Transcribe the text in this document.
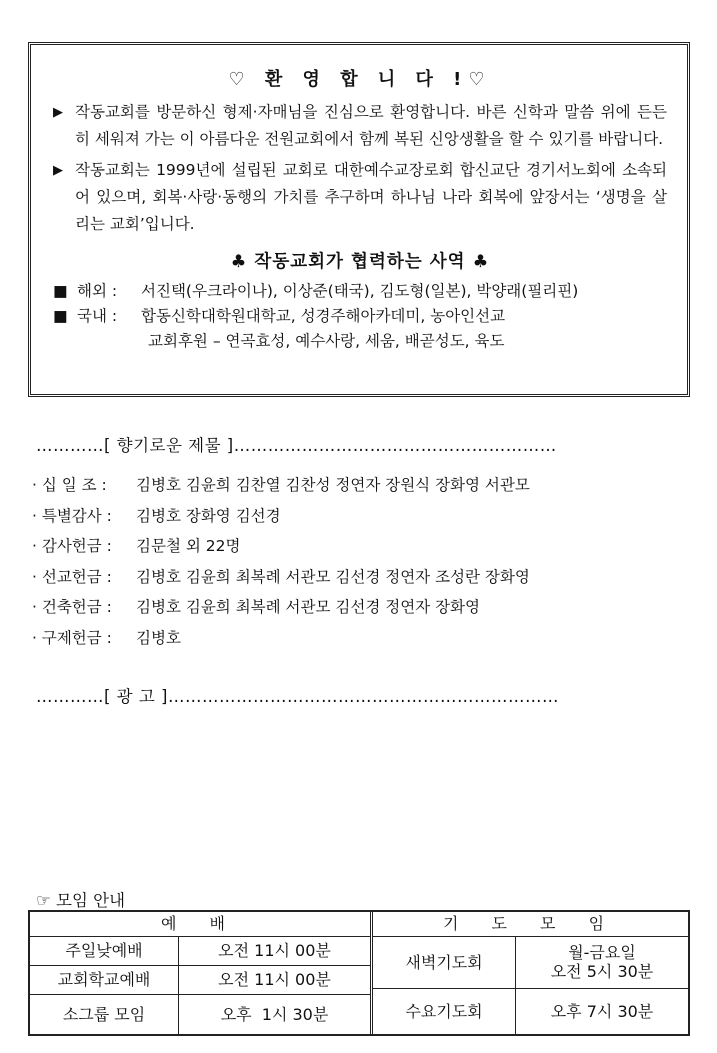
♡ 환 영 합 니 다 !♡
▶ 작동교회를 방문하신 형제·자매님을 진심으로 환영합니다. 바른 신학과 말씀 위에 든든히 세워져 가는 이 아름다운 전원교회에서 함께 복된 신앙생활을 할 수 있기를 바랍니다.
▶ 작동교회는 1999년에 설립된 교회로 대한예수교장로회 합신교단 경기서노회에 소속되어 있으며, 회복·사랑·동행의 가치를 추구하며 하나님 나라 회복에 앞장서는 ‘생명을 살리는 교회’입니다.
♣ 작동교회가 협력하는 사역 ♣
■ 해외 :	서진택(우크라이나), 이상준(태국), 김도형(일본), 박양래(필리핀)
■ 국내 :	합동신학대학원대학교, 성경주해아카데미, 농아인선교
교회후원 – 연곡효성, 예수사랑, 세움, 배곧성도, 육도
…………[ 향기로운 제물 ]…………………………………………………
· 십 일 조 : 김병호 김윤희 김찬열 김찬성 정연자 장원식 장화영 서관모
· 특별감사 : 김병호 장화영 김선경
· 감사헌금 : 김문철 외 22명
· 선교헌금 : 김병호 김윤희 최복례 서관모 김선경 정연자 조성란 장화영
· 건축헌금 : 김병호 김윤희 최복례 서관모 김선경 정연자 장화영
· 구제헌금 : 김병호
…………[ 광 고 ]……………………………………………………………
☞ 모임 안내
예 배	
주일낮예배	오전 11시 00분
교회학교예배	오전 11시 00분
소그룹 모임	오후  1시 30분
기 도 모 임	
새벽기도회	월-금요일
오전 5시 30분
수요기도회	오후 7시 30분
